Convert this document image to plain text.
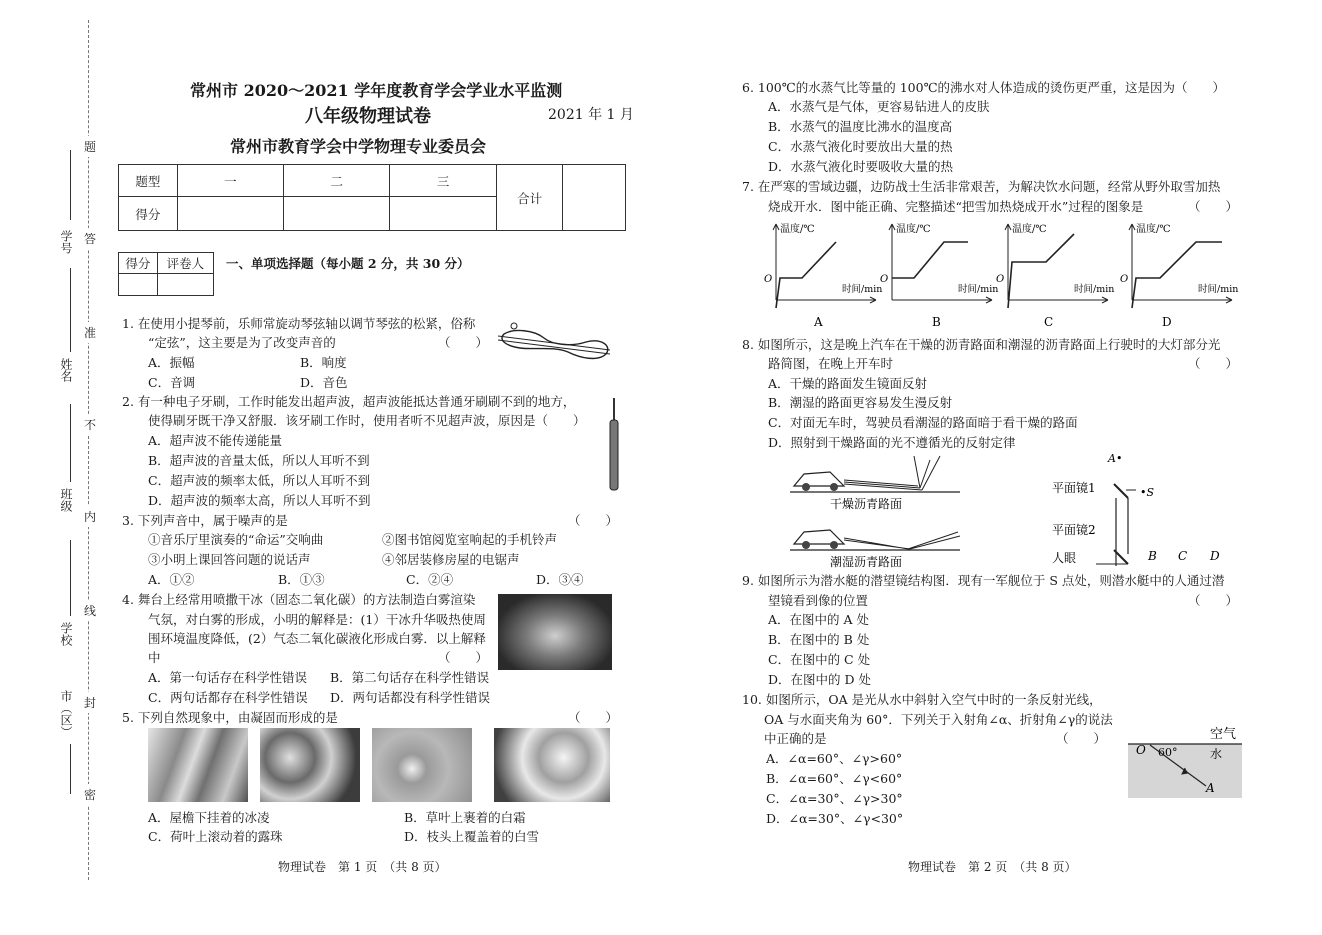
题
答
准
不
内
线
封
密
学号
姓名
班级
学校
市（区）
常州市 2020～2021 学年度教育学会学业水平监测
八年级物理试卷	2021 年 1 月
常州市教育学会中学物理专业委员会
题型	一	二	三	合计	
得分					
得分	评卷人
	一、单项选择题（每小题 2 分，共 30 分）
1. 在使用小提琴前，乐师常旋动琴弦轴以调节琴弦的松紧，俗称
“定弦”，这主要是为了改变声音的	（　　）
A．振幅	B．响度
C．音调	D．音色
2. 有一种电子牙刷，工作时能发出超声波，超声波能抵达普通牙刷刷不到的地方，
使得刷牙既干净又舒服．该牙刷工作时，使用者听不见超声波，原因是（　　）
A．超声波不能传递能量
B．超声波的音量太低，所以人耳听不到
C．超声波的频率太低，所以人耳听不到
D．超声波的频率太高，所以人耳听不到
3. 下列声音中，属于噪声的是	（　　）
①音乐厅里演奏的“命运”交响曲	②图书馆阅览室响起的手机铃声
③小明上课回答问题的说话声	④邻居装修房屋的电锯声
A．①②	B．①③	C．②④	D．③④
4. 舞台上经常用喷撒干冰（固态二氧化碳）的方法制造白雾渲染
气氛，对白雾的形成，小明的解释是：(1）干冰升华吸热使周
围环境温度降低，(2）气态二氧化碳液化形成白雾．以上解释
中	（　　）
A．第一句话存在科学性错误 B．第二句话存在科学性错误
C．两句话都存在科学性错误 D．两句话都没有科学性错误
5. 下列自然现象中，由凝固而形成的是	（　　）
A．屋檐下挂着的冰凌	B．草叶上裹着的白霜
C．荷叶上滚动着的露珠	D．枝头上覆盖着的白雪
物理试卷　第 1 页　（共 8 页）
6. 100℃的水蒸气比等量的 100℃的沸水对人体造成的烫伤更严重，这是因为（　　）
A．水蒸气是气体，更容易钻进人的皮肤
B．水蒸气的温度比沸水的温度高
C．水蒸气液化时要放出大量的热
D．水蒸气液化时要吸收大量的热
7. 在严寒的雪域边疆，边防战士生活非常艰苦，为解决饮水问题，经常从野外取雪加热
烧成开水．图中能正确、完整描述“把雪加热烧成开水”过程的图象是	（　　）
温度/℃
时间/min
O
温度/℃
时间/min
O
温度/℃
时间/min
O
温度/℃
时间/min
O
A	B	C	D
8. 如图所示，这是晚上汽车在干燥的沥青路面和潮湿的沥青路面上行驶时的大灯部分光
路简图，在晚上开车时	（　　）
A．干燥的路面发生镜面反射
B．潮湿的路面更容易发生漫反射
C．对面无车时，驾驶员看潮湿的路面暗于看干燥的路面
D．照射到干燥路面的光不遵循光的反射定律
干燥沥青路面
潮湿沥青路面
A•
平面镜1	•S
平面镜2
人眼	B C D
9. 如图所示为潜水艇的潜望镜结构图．现有一军舰位于 S 点处，则潜水艇中的人通过潜
望镜看到像的位置	（　　）
A．在图中的 A 处
B．在图中的 B 处
C．在图中的 C 处
D．在图中的 D 处
10. 如图所示，OA 是光从水中斜射入空气中时的一条反射光线，
OA 与水面夹角为 60°．下列关于入射角∠α、折射角∠γ的说法
中正确的是	（　　）
A．∠α=60°、∠γ>60°
B．∠α=60°、∠γ<60°
C．∠α=30°、∠γ>30°
D．∠α=30°、∠γ<30°
空气
水
O 60°
A
物理试卷　第 2 页　（共 8 页）
